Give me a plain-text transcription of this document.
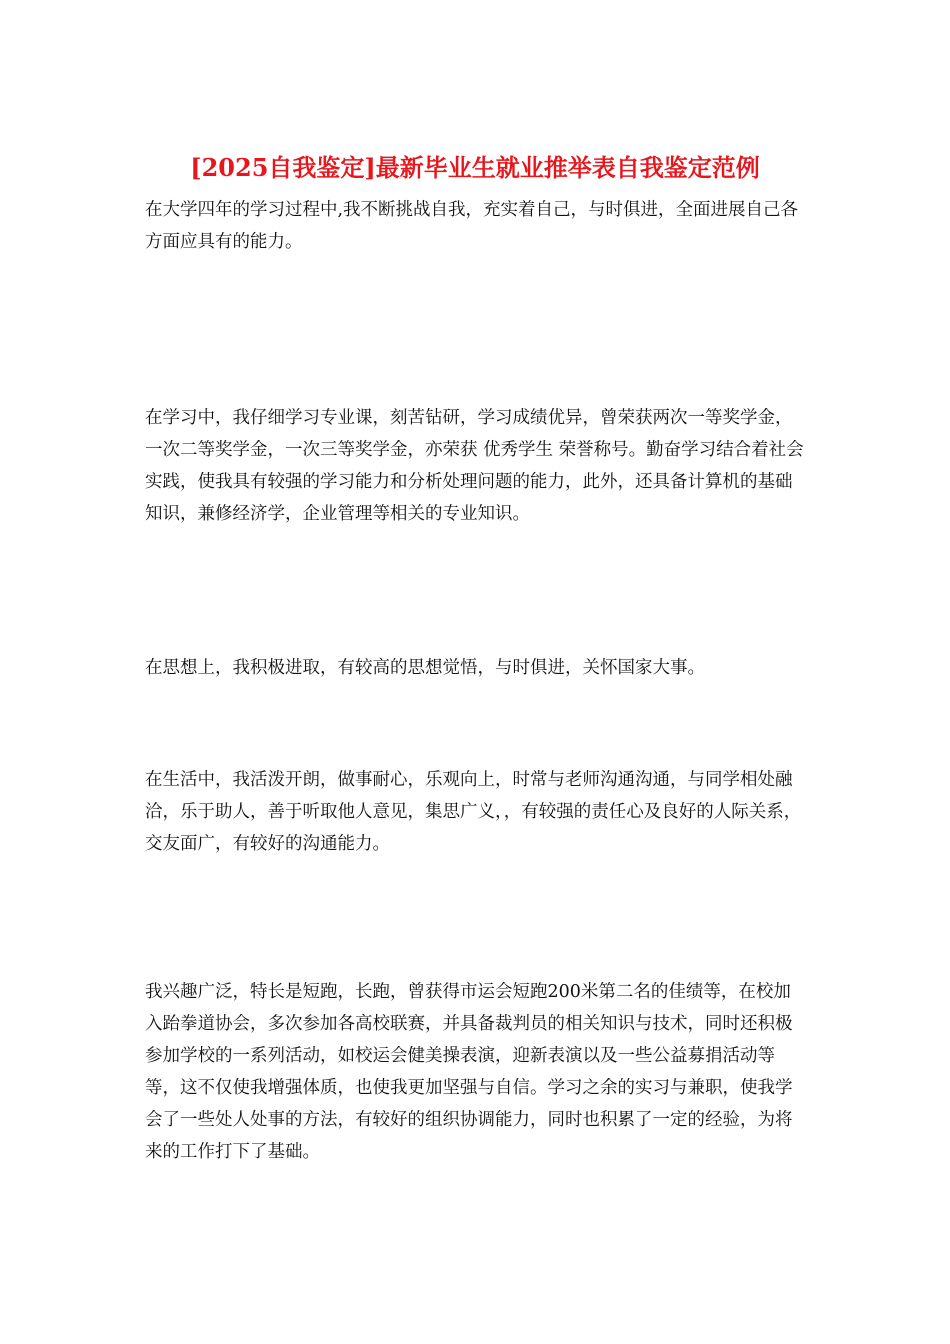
[2025自我鉴定]最新毕业生就业推举表自我鉴定范例

在大学四年的学习过程中,我不断挑战自我，充实着自己，与时俱进，全面进展自己各方面应具有的能力。

在学习中，我仔细学习专业课，刻苦钻研，学习成绩优异，曾荣获两次一等奖学金，一次二等奖学金，一次三等奖学金，亦荣获 优秀学生 荣誉称号。勤奋学习结合着社会实践，使我具有较强的学习能力和分析处理问题的能力，此外，还具备计算机的基础知识，兼修经济学，企业管理等相关的专业知识。

在思想上，我积极进取，有较高的思想觉悟，与时俱进，关怀国家大事。

在生活中，我活泼开朗，做事耐心，乐观向上，时常与老师沟通沟通，与同学相处融洽，乐于助人，善于听取他人意见，集思广义，，有较强的责任心及良好的人际关系，交友面广，有较好的沟通能力。

我兴趣广泛，特长是短跑，长跑，曾获得市运会短跑200米第二名的佳绩等，在校加入跆拳道协会，多次参加各高校联赛，并具备裁判员的相关知识与技术，同时还积极参加学校的一系列活动，如校运会健美操表演，迎新表演以及一些公益募捐活动等等，这不仅使我增强体质，也使我更加坚强与自信。学习之余的实习与兼职，使我学会了一些处人处事的方法，有较好的组织协调能力，同时也积累了一定的经验，为将来的工作打下了基础。
